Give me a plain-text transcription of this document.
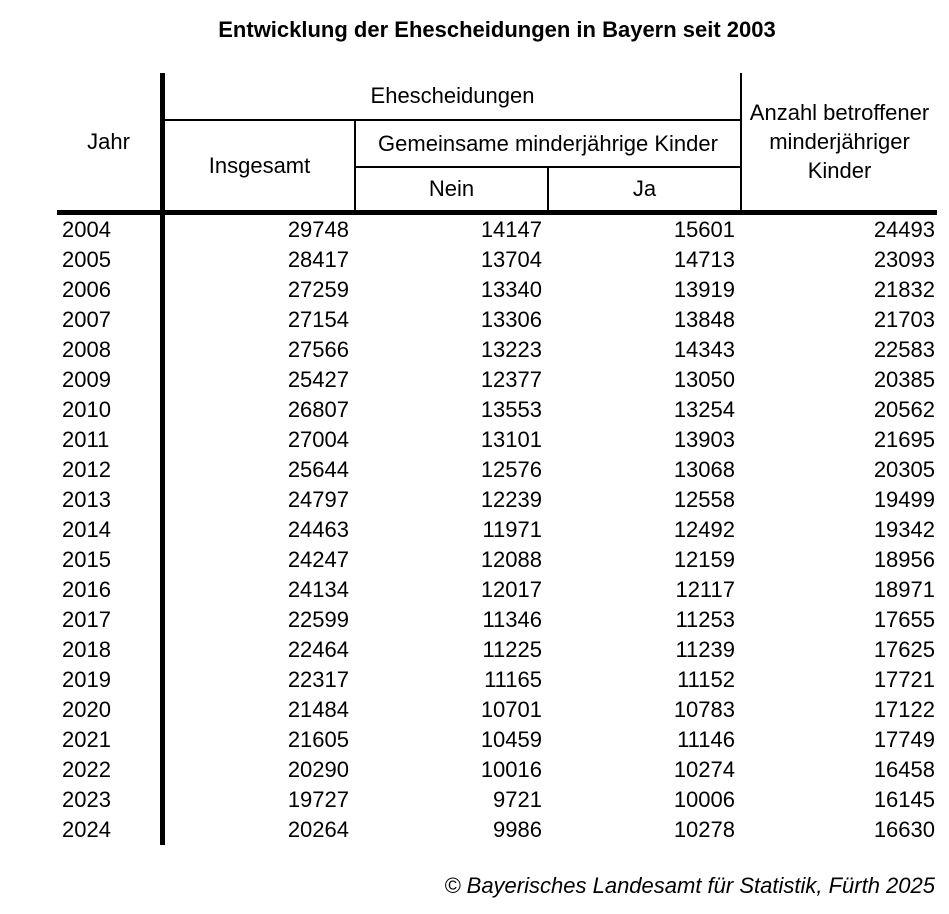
Entwicklung der Ehescheidungen in Bayern seit 2003
Jahr
Ehescheidungen
Anzahl betroffener minderjähriger Kinder
Insgesamt
Gemeinsame minderjährige Kinder
Nein	Ja
2004	29748	14147	15601	24493
2005	28417	13704	14713	23093
2006	27259	13340	13919	21832
2007	27154	13306	13848	21703
2008	27566	13223	14343	22583
2009	25427	12377	13050	20385
2010	26807	13553	13254	20562
2011	27004	13101	13903	21695
2012	25644	12576	13068	20305
2013	24797	12239	12558	19499
2014	24463	11971	12492	19342
2015	24247	12088	12159	18956
2016	24134	12017	12117	18971
2017	22599	11346	11253	17655
2018	22464	11225	11239	17625
2019	22317	11165	11152	17721
2020	21484	10701	10783	17122
2021	21605	10459	11146	17749
2022	20290	10016	10274	16458
2023	19727	9721	10006	16145
2024	20264	9986	10278	16630
© Bayerisches Landesamt für Statistik, Fürth 2025
